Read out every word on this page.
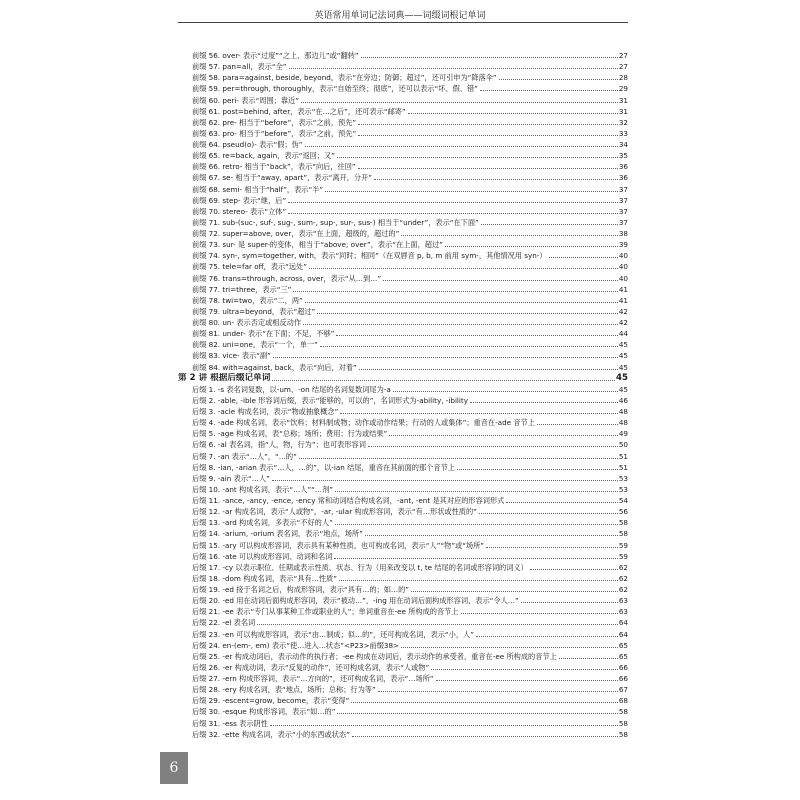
英语常用单词记法词典——词缀词根记单词
前缀 56. over- 表示“过度”“之上、那边儿”或“翻转”	27
前缀 57. pan=all，表示“全”	27
前缀 58. para=against, beside, beyond，表示“在旁边；防御；超过”，还可引申为“降落伞”	28
前缀 59. per=through, thoroughly，表示“自始至终；彻底”，还可以表示“坏、假、错”	29
前缀 60. peri- 表示“周围；靠近”	31
前缀 61. post=behind, after，表示“在…之后”，还可表示“邮寄”	31
前缀 62. pre- 相当于“before”，表示“之前，预先”	32
前缀 63. pro- 相当于“before”，表示“之前，预先”	33
前缀 64. pseud(o)- 表示“假；伪”	34
前缀 65. re=back, again，表示“返回；又”	35
前缀 66. retro- 相当于“back”，表示“向后，往回”	36
前缀 67. se- 相当于“away, apart”，表示“离开，分开”	36
前缀 68. semi- 相当于“half”，表示“半”	37
前缀 69. step- 表示“继，后”	37
前缀 70. stereo- 表示“立体”	37
前缀 71. sub-(suc-, suf-, sug-, sum-, sup-, sur-, sus-) 相当于“under”，表示“在下面”	37
前缀 72. super=above, over，表示“在上面，超级的，超过的”	38
前缀 73. sur- 是 super-的变体，相当于“above; over”，表示“在上面，超过”	39
前缀 74. syn-, sym=together, with，表示“同时；相同”（在双唇音 p, b, m 前用 sym-，其他情况用 syn-）	40
前缀 75. tele=far off，表示“远处”	40
前缀 76. trans=through, across, over，表示“从…到…”	40
前缀 77. tri=three，表示“三”	41
前缀 78. twi=two，表示“二，两”	41
前缀 79. ultra=beyond，表示“超过”	42
前缀 80. un- 表示否定或相反动作	42
前缀 81. under- 表示“在下面；不足，不够”	44
前缀 82. uni=one，表示“一个，单一”	45
前缀 83. vice- 表示“副”	45
前缀 84. with=against, back，表示“向后，对着”	45
第 2 讲 根据后缀记单词	45
后缀 1. -s 表名词复数，以-um、-on 结尾的名词复数词尾为-a	45
后缀 2. -able, -ible 形容词后缀，表示“能够的，可以的”，名词形式为-ability, -ibility	46
后缀 3. -acle 构成名词，表示“物或抽象概念”	48
后缀 4. -ade 构成名词，表示“饮料；材料制成物；动作或动作结果；行动的人或集体”；重音在-ade 音节上	48
后缀 5. -age 构成名词，表“总称；场所；费用；行为或结果”	49
后缀 6. -al 表名词，指“人，物，行为”；也可表形容词	50
后缀 7. -an 表示“…人”，“…的”	51
后缀 8. -ian, -arian 表示“…人，…的”，以-ian 结尾，重音在其前面的那个音节上	51
后缀 9. -ain 表示“…人”	53
后缀 10. -ant 构成名词，表示“…人”“…剂”	53
后缀 11. -ance, -ancy, -ence, -ency 常和动词结合构成名词，-ant, -ent 是其对应的形容词形式	54
后缀 12. -ar 构成名词，表示“人或物”，-ar, -ular 构成形容词，表示“有…形状或性质的”	56
后缀 13. -ard 构成名词，多表示“不好的人”	58
后缀 14. -arium, -orium 表名词，表示“地点，场所”	58
后缀 15. -ary 可以构成形容词，表示具有某种性质，也可构成名词，表示“人”“物”或“场所”	59
后缀 16. -ate 可以构成形容词、动词和名词	59
后缀 17. -cy 以表示职位、任期或表示性质、状态、行为（用来改变以 t, te 结尾的名词或形容词的词义）	62
后缀 18. -dom 构成名词，表示“具有…性质”	62
后缀 19. -ed 接于名词之后，构成形容词，表示“具有…的；如…的”	62
后缀 20. -ed 用在动词后面构成形容词，表示“被动…”，-ing 用在动词后面构成形容词，表示“令人…”	63
后缀 21. -ee 表示“专门从事某种工作或职业的人”；单词重音在-ee 所构成的音节上	63
后缀 22. -el 表名词	64
后缀 23. -en 可以构成形容词，表示“由…制成；似…的”，还可构成名词，表示“小，人”	64
后缀 24. en-(em-, em) 表示“使…进入…状态”<P23>前缀38>	65
后缀 25. -er 构成动词后，表示动作的执行者；-ee 构成在动词后，表示动作的承受者，重音在-ee 所构成的音节上	65
后缀 26. -er 构成动词，表示“反复的动作”，还可构成名词，表示“人或物”	66
后缀 27. -ern 构成形容词，表示“…方向的”，还可构成名词，表示“…场所”	66
后缀 28. -ery 构成名词，表“地点，场所；总称；行为等”	67
后缀 29. -escent=grow, become，表示“变得”	68
后缀 30. -esque 构成形容词，表示“如…的”	58
后缀 31. -ess 表示阴性	58
后缀 32. -ette 构成名词，表示“小的东西或状态”	58
6
